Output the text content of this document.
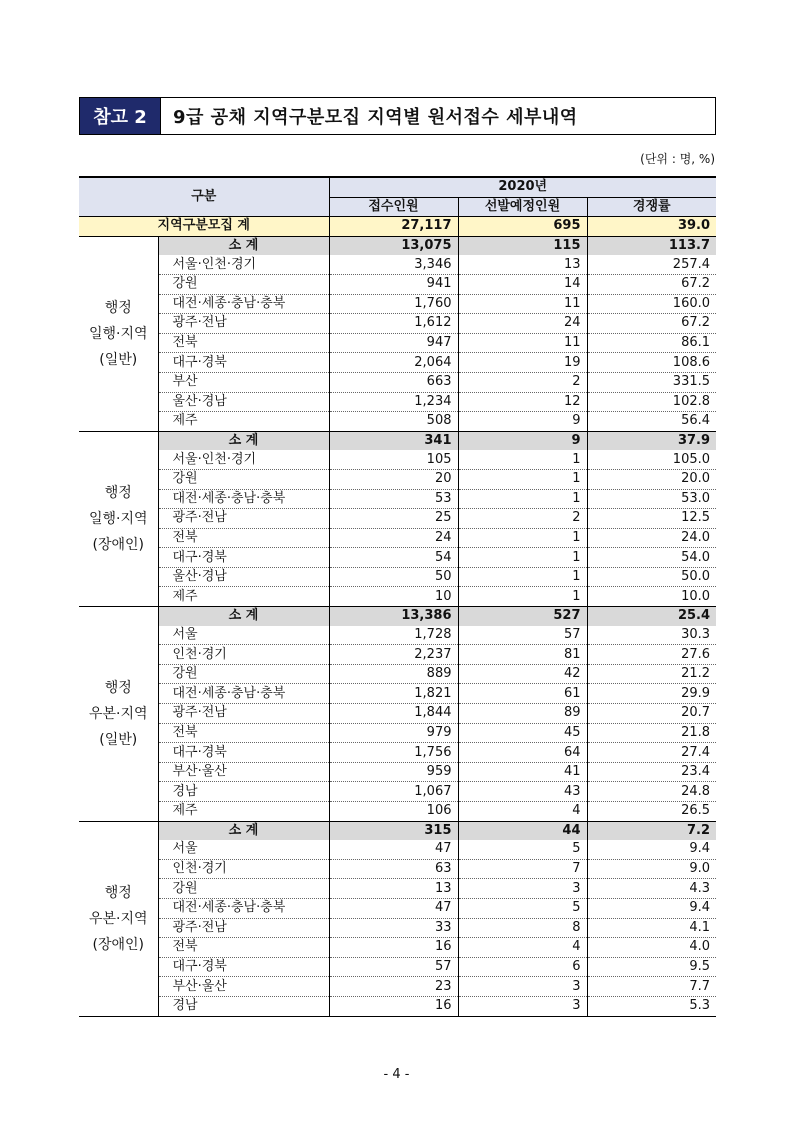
참고 2	9급 공채 지역구분모집 지역별 원서접수 세부내역
(단위 : 명, %)
구분		2020년		
		접수인원	선발예정인원	경쟁률
지역구분모집 계		27,117	695	39.0

행정
일행·지역
(일반)	소 계	13,075	115	113.7
	서울·인천·경기	3,346	13	257.4
	강원	941	14	67.2
	대전·세종·충남·충북	1,760	11	160.0
	광주·전남	1,612	24	67.2
	전북	947	11	86.1
	대구·경북	2,064	19	108.6
	부산	663	2	331.5
	울산·경남	1,234	12	102.8
	제주	508	9	56.4

행정
일행·지역
(장애인)	소 계	341	9	37.9
	서울·인천·경기	105	1	105.0
	강원	20	1	20.0
	대전·세종·충남·충북	53	1	53.0
	광주·전남	25	2	12.5
	전북	24	1	24.0
	대구·경북	54	1	54.0
	울산·경남	50	1	50.0
	제주	10	1	10.0

행정
우본·지역
(일반)	소 계	13,386	527	25.4
	서울	1,728	57	30.3
	인천·경기	2,237	81	27.6
	강원	889	42	21.2
	대전·세종·충남·충북	1,821	61	29.9
	광주·전남	1,844	89	20.7
	전북	979	45	21.8
	대구·경북	1,756	64	27.4
	부산·울산	959	41	23.4
	경남	1,067	43	24.8
	제주	106	4	26.5

행정
우본·지역
(장애인)	소 계	315	44	7.2
	서울	47	5	9.4
	인천·경기	63	7	9.0
	강원	13	3	4.3
	대전·세종·충남·충북	47	5	9.4
	광주·전남	33	8	4.1
	전북	16	4	4.0
	대구·경북	57	6	9.5
	부산·울산	23	3	7.7
	경남	16	3	5.3
- 4 -
